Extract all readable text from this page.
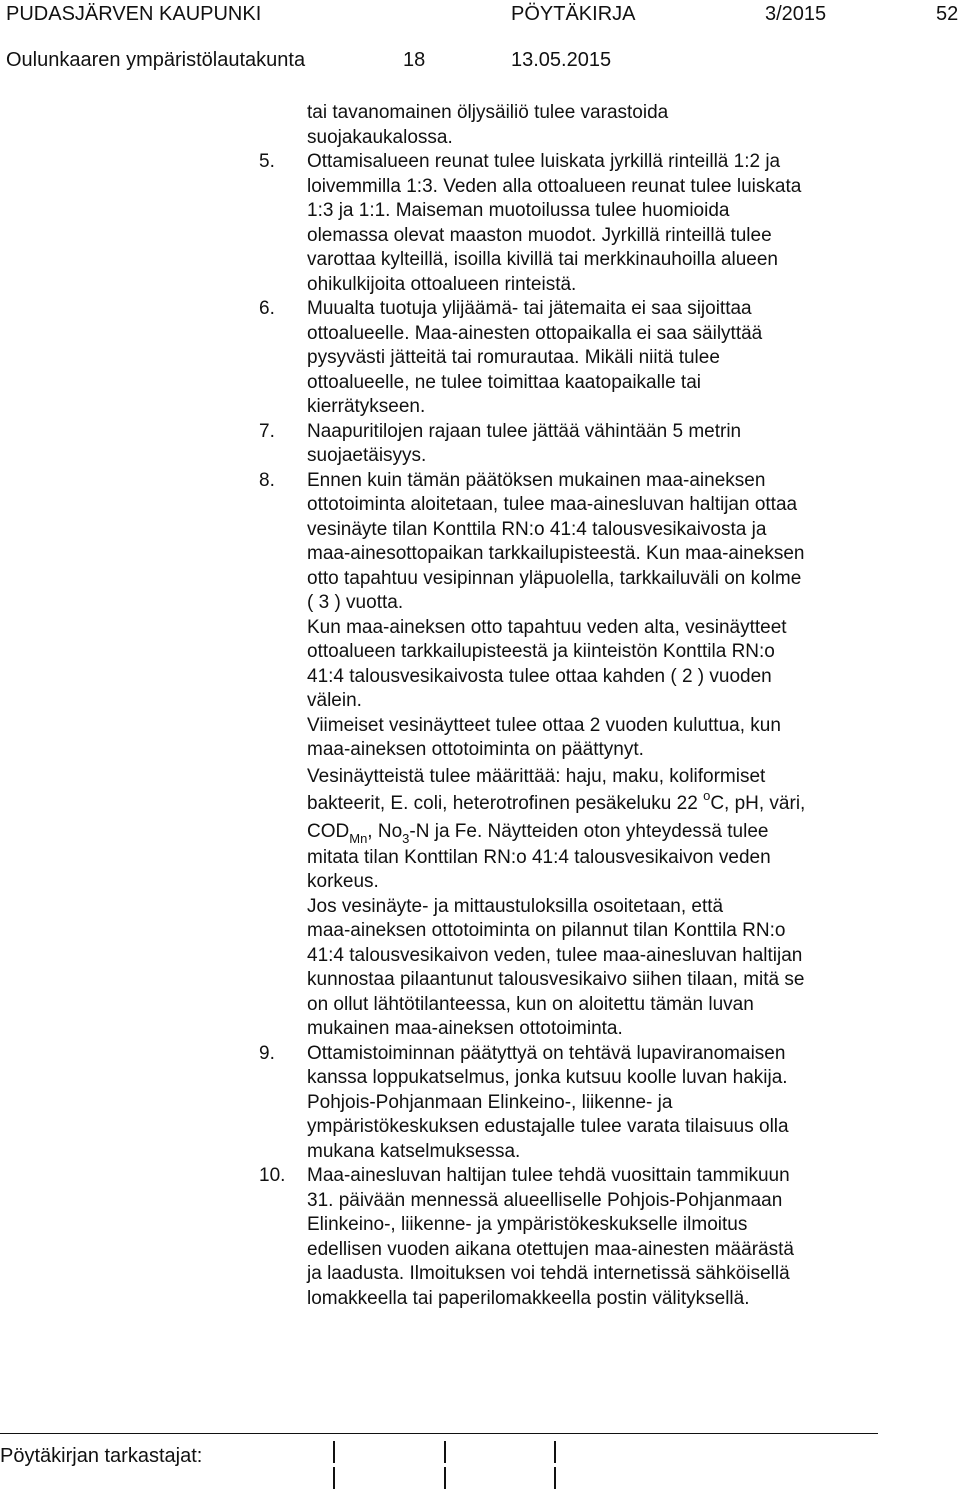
PUDASJÄRVEN KAUPUNKI	PÖYTÄKIRJA	3/2015	52
Oulunkaaren ympäristölautakunta	18	13.05.2015
tai tavanomainen öljysäiliö tulee varastoida
suojakaukalossa.
5. Ottamisalueen reunat tulee luiskata jyrkillä rinteillä 1:2 ja
loivemmilla 1:3. Veden alla ottoalueen reunat tulee luiskata
1:3 ja 1:1. Maiseman muotoilussa tulee huomioida
olemassa olevat maaston muodot. Jyrkillä rinteillä tulee
varottaa kylteillä, isoilla kivillä tai merkkinauhoilla alueen
ohikulkijoita ottoalueen rinteistä.
6. Muualta tuotuja ylijäämä- tai jätemaita ei saa sijoittaa
ottoalueelle. Maa-ainesten ottopaikalla ei saa säilyttää
pysyvästi jätteitä tai romurautaa. Mikäli niitä tulee
ottoalueelle, ne tulee toimittaa kaatopaikalle tai
kierrätykseen.
7. Naapuritilojen rajaan tulee jättää vähintään 5 metrin
suojaetäisyys.
8. Ennen kuin tämän päätöksen mukainen maa-aineksen
ottotoiminta aloitetaan, tulee maa-ainesluvan haltijan ottaa
vesinäyte tilan Konttila RN:o 41:4 talousvesikaivosta ja
maa-ainesottopaikan tarkkailupisteestä. Kun maa-aineksen
otto tapahtuu vesipinnan yläpuolella, tarkkailuväli on kolme
( 3 ) vuotta.
Kun maa-aineksen otto tapahtuu veden alta, vesinäytteet
ottoalueen tarkkailupisteestä ja kiinteistön Konttila RN:o
41:4 talousvesikaivosta tulee ottaa kahden ( 2 ) vuoden
välein.
Viimeiset vesinäytteet tulee ottaa 2 vuoden kuluttua, kun
maa-aineksen ottotoiminta on päättynyt.
Vesinäytteistä tulee määrittää: haju, maku, koliformiset
bakteerit, E. coli, heterotrofinen pesäkeluku 22 $^o$C, pH, väri,
$COD_{Mn}$, $No_3-N$ ja Fe. Näytteiden oton yhteydessä tulee
mitata tilan Konttilan RN:o 41:4 talousvesikaivon veden
korkeus.
Jos vesinäyte- ja mittaustuloksilla osoitetaan, että
maa-aineksen ottotoiminta on pilannut tilan Konttila RN:o
41:4 talousvesikaivon veden, tulee maa-ainesluvan haltijan
kunnostaa pilaantunut talousvesikaivo siihen tilaan, mitä se
on ollut lähtötilanteessa, kun on aloitettu tämän luvan
mukainen maa-aineksen ottotoiminta.
9. Ottamistoiminnan päätyttyä on tehtävä lupaviranomaisen
kanssa loppukatselmus, jonka kutsuu koolle luvan hakija.
Pohjois-Pohjanmaan Elinkeino-, liikenne- ja
ympäristökeskuksen edustajalle tulee varata tilaisuus olla
mukana katselmuksessa.
10. Maa-ainesluvan haltijan tulee tehdä vuosittain tammikuun
31. päivään mennessä alueelliselle Pohjois-Pohjanmaan
Elinkeino-, liikenne- ja ympäristökeskukselle ilmoitus
edellisen vuoden aikana otettujen maa-ainesten määrästä
ja laadusta. Ilmoituksen voi tehdä internetissä sähköisellä
lomakkeella tai paperilomakkeella postin välityksellä.
Pöytäkirjan tarkastajat:
